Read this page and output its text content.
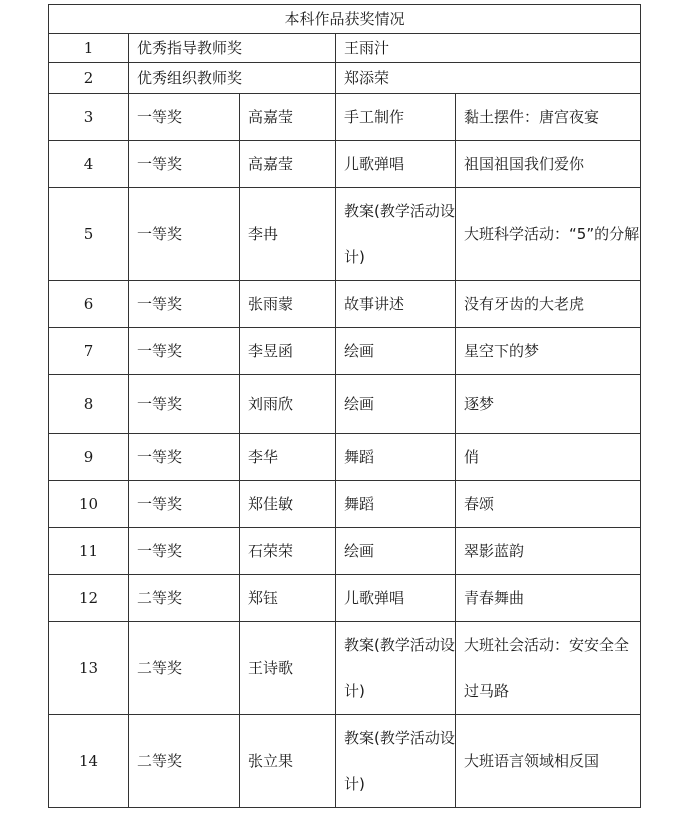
本科作品获奖情况				
1	优秀指导教师奖		王雨汁	
2	优秀组织教师奖		郑添荣	
3	一等奖	高嘉莹	手工制作	黏土摆件：唐宫夜宴
4	一等奖	高嘉莹	儿歌弹唱	祖国祖国我们爱你
5	一等奖	李冉	教案(教学活动设计)	大班科学活动：“5”的分解
6	一等奖	张雨蒙	故事讲述	没有牙齿的大老虎
7	一等奖	李昱函	绘画	星空下的梦
8	一等奖	刘雨欣	绘画	逐梦
9	一等奖	李华	舞蹈	俏
10	一等奖	郑佳敏	舞蹈	春颂
11	一等奖	石荣荣	绘画	翠影蓝韵
12	二等奖	郑钰	儿歌弹唱	青春舞曲
13	二等奖	王诗歌	教案(教学活动设计)	大班社会活动：安安全全过马路
14	二等奖	张立果	教案(教学活动设计)	大班语言领域相反国
